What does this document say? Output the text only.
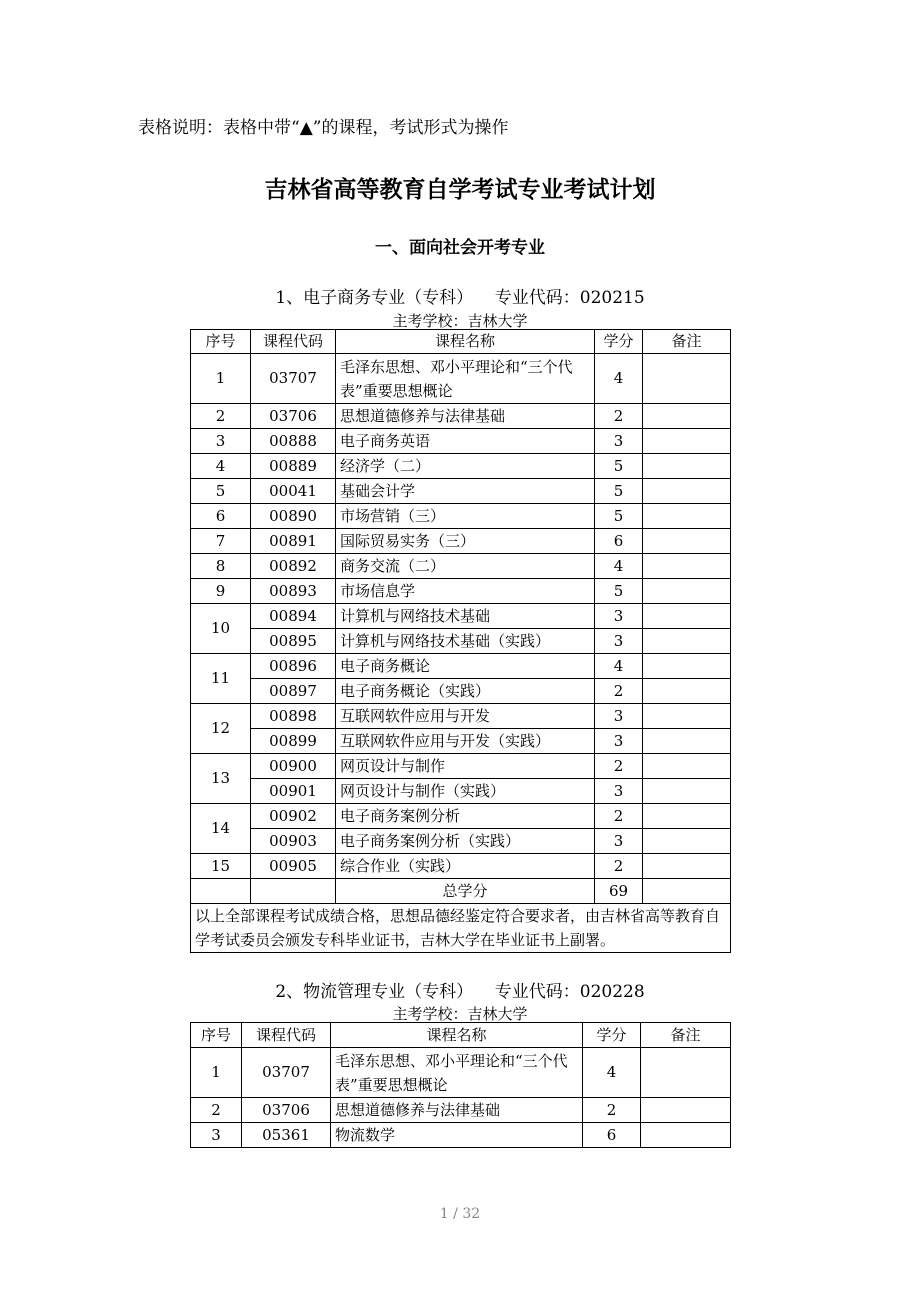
表格说明：表格中带“▲”的课程，考试形式为操作

吉林省高等教育自学考试专业考试计划
一、面向社会开考专业

1、电子商务专业（专科）    专业代码：020215

主考学校：吉林大学

序号	课程代码	课程名称	学分	备注
1	03707	毛泽东思想、邓小平理论和“三个代表”重要思想概论	4	
2	03706	思想道德修养与法律基础	2	
3	00888	电子商务英语	3	
4	00889	经济学（二）	5	
5	00041	基础会计学	5	
6	00890	市场营销（三）	5	
7	00891	国际贸易实务（三）	6	
8	00892	商务交流（二）	4	
9	00893	市场信息学	5	
10	00894	计算机与网络技术基础	3	
	00895	计算机与网络技术基础（实践）	3	
11	00896	电子商务概论	4	
	00897	电子商务概论（实践）	2	
12	00898	互联网软件应用与开发	3	
	00899	互联网软件应用与开发（实践）	3	
13	00900	网页设计与制作	2	
	00901	网页设计与制作（实践）	3	
14	00902	电子商务案例分析	2	
	00903	电子商务案例分析（实践）	3	
15	00905	综合作业（实践）	2	
		总学分	69	
以上全部课程考试成绩合格，思想品德经鉴定符合要求者，由吉林省高等教育自学考试委员会颁发专科毕业证书，吉林大学在毕业证书上副署。				

2、物流管理专业（专科）    专业代码：020228

主考学校：吉林大学

序号	课程代码	课程名称	学分	备注
1	03707	毛泽东思想、邓小平理论和“三个代表”重要思想概论	4	
2	03706	思想道德修养与法律基础	2	
3	05361	物流数学	6	

1 / 32
